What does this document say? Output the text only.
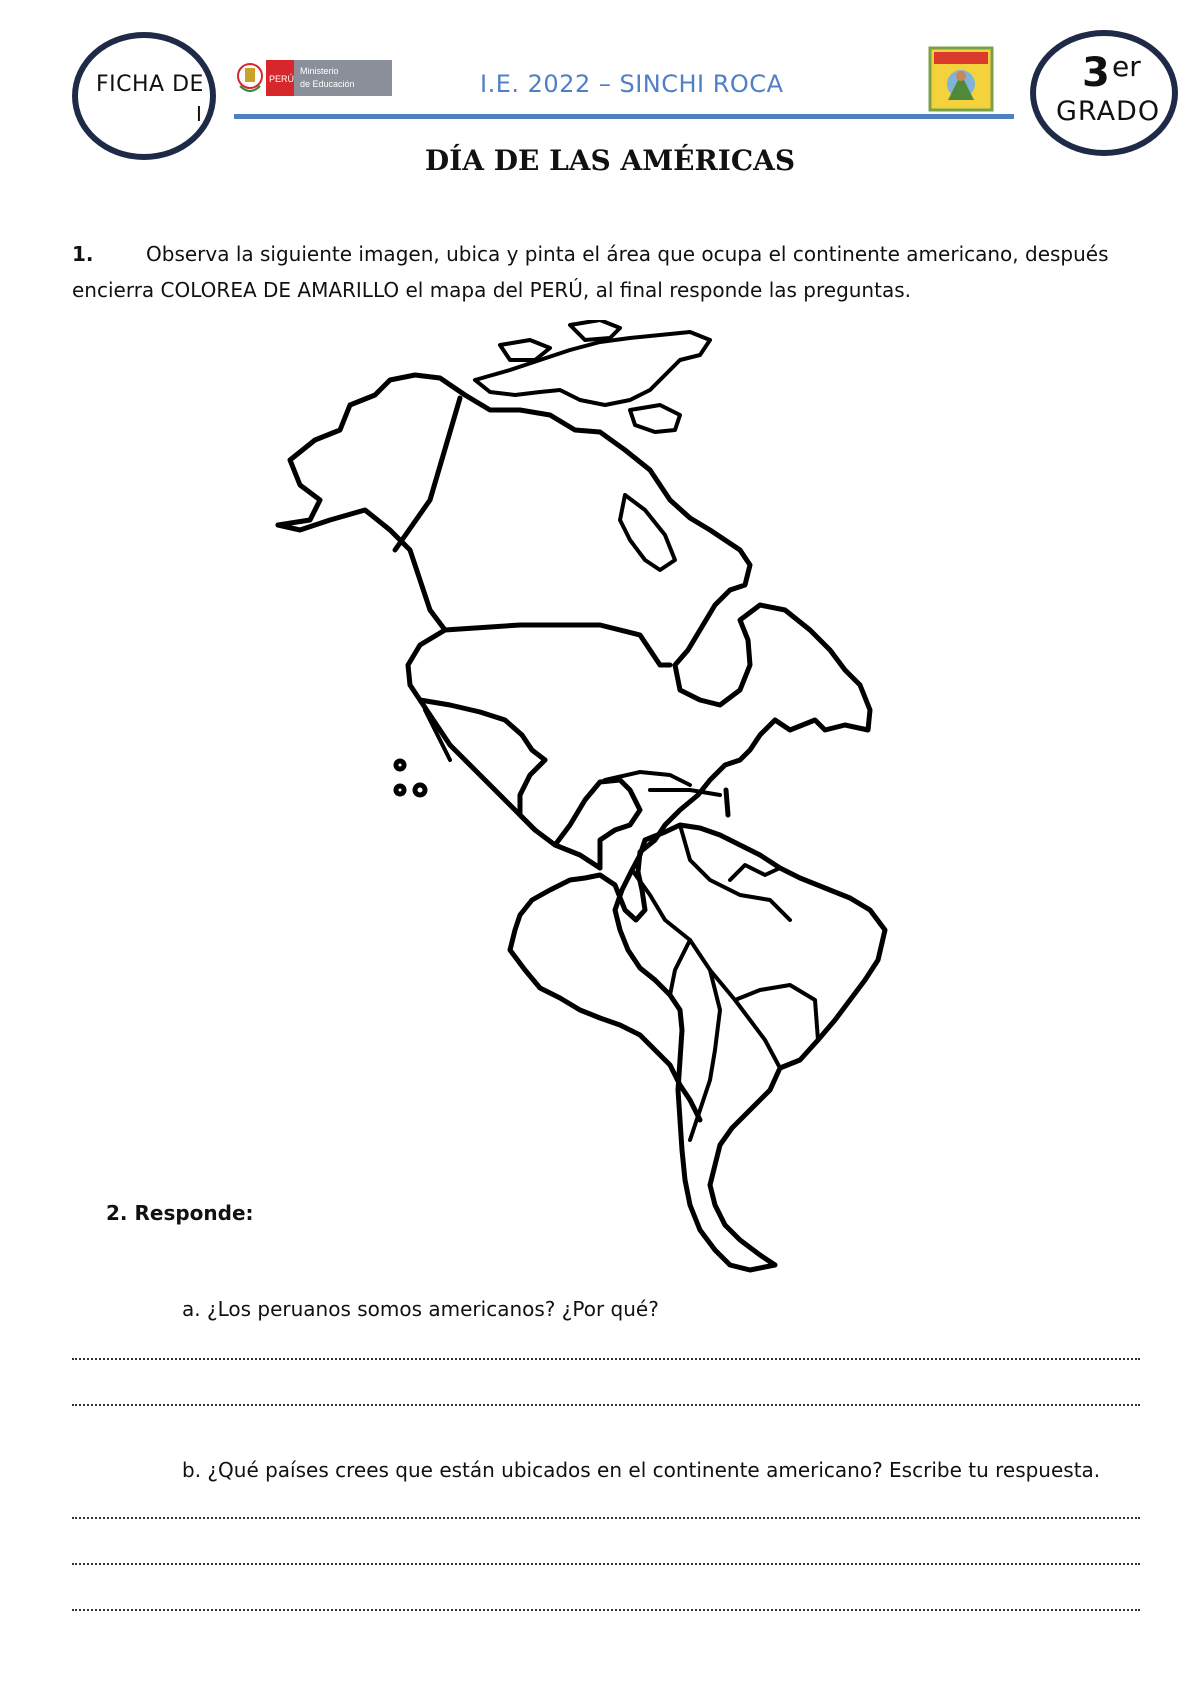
FICHA DE
I
PERÚ
Ministerio
de Educación	I.E. 2022 – SINCHI ROCA	3 er
GRADO
DÍA DE LAS AMÉRICAS
1.	Observa la siguiente imagen, ubica y pinta el área que ocupa el continente americano, después
encierra COLOREA DE AMARILLO el mapa del PERÚ, al final responde las preguntas.
2. Responde:
a. ¿Los peruanos somos americanos? ¿Por qué?
b. ¿Qué países crees que están ubicados en el continente americano? Escribe tu respuesta.
